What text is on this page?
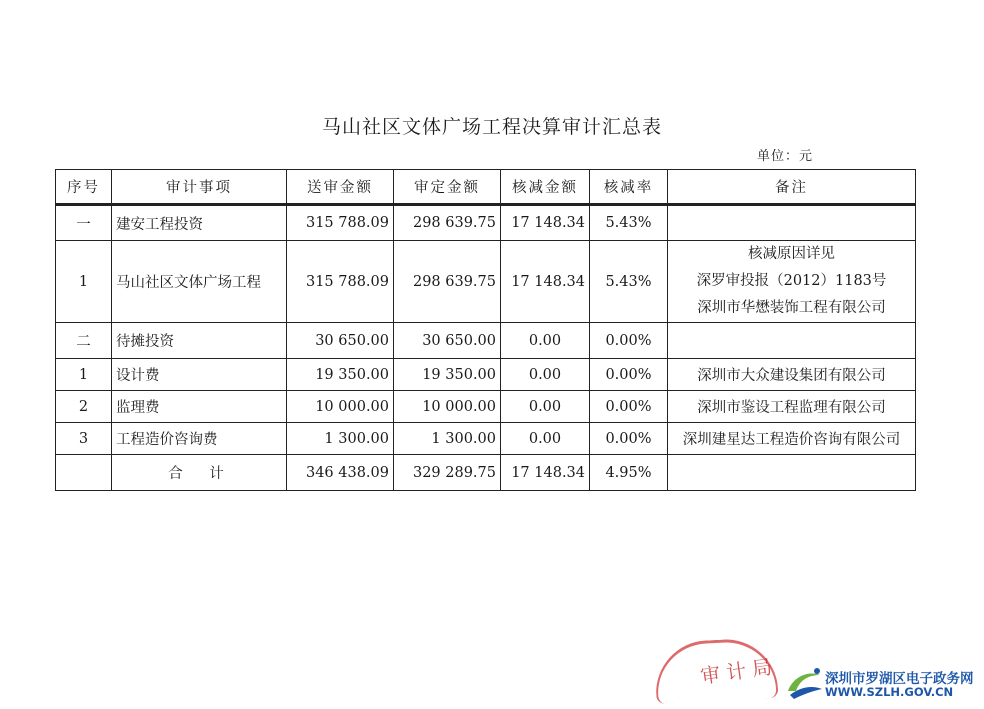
马山社区文体广场工程决算审计汇总表
单位：元
序号	审计事项	送审金额	审定金额	核减金额	核减率	备注
一	建安工程投资	315 788.09	298 639.75	17 148.34	5.43%	
1	马山社区文体广场工程	315 788.09	298 639.75	17 148.34	5.43%	核减原因详见
深罗审投报（2012）1183号
深圳市华懋装饰工程有限公司

二	待摊投资	30 650.00	30 650.00	0.00	0.00%	
1	设计费	19 350.00	19 350.00	0.00	0.00%	深圳市大众建设集团有限公司
2	监理费	10 000.00	10 000.00	0.00	0.00%	深圳市鉴设工程监理有限公司
3	工程造价咨询费	1 300.00	1 300.00	0.00	0.00%	深圳建星达工程造价咨询有限公司
	合　计	346 438.09	329 289.75	17 148.34	4.95%	
审计局	深圳市罗湖区电子政务网
WWW.SZLH.GOV.CN
